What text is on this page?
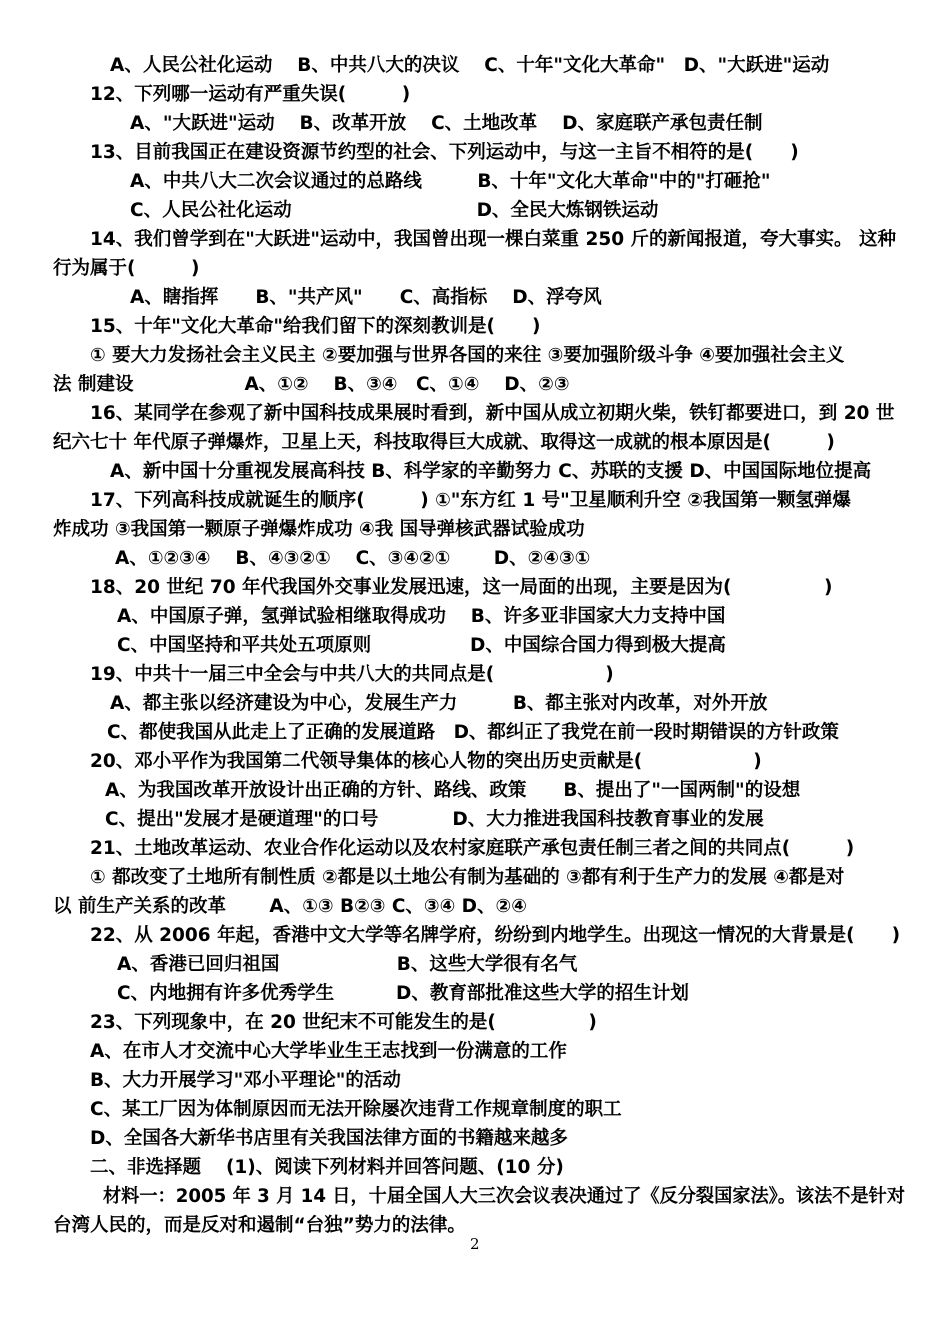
A、人民公社化运动　 B、中共八大的决议　 C、十年"文化大革命"　D、"大跃进"运动
12、下列哪一运动有严重失误(　　　)
A、"大跃进"运动　 B、改革开放　 C、土地改革　 D、家庭联产承包责任制
13、目前我国正在建设资源节约型的社会、下列运动中，与这一主旨不相符的是(　　)
A、中共八大二次会议通过的总路线　　　B、十年"文化大革命"中的"打砸抢"
C、人民公社化运动　　　　　　　　　　D、全民大炼钢铁运动
14、我们曾学到在"大跃进"运动中，我国曾出现一棵白菜重 250 斤的新闻报道，夸大事实。 这种
行为属于(　　　)
A、瞎指挥　　B、"共产风"　　C、高指标　 D、浮夸风
15、十年"文化大革命"给我们留下的深刻教训是(　　)
① 要大力发扬社会主义民主 ②要加强与世界各国的来往 ③要加强阶级斗争 ④要加强社会主义
法 制建设　　　　　　A、①②　 B、③④　C、①④　 D、②③
16、某同学在参观了新中国科技成果展时看到，新中国从成立初期火柴，铁钉都要进口，到 20 世
纪六七十 年代原子弹爆炸，卫星上天，科技取得巨大成就、取得这一成就的根本原因是(　　　)
A、新中国十分重视发展高科技 B、科学家的辛勤努力 C、苏联的支援 D、中国国际地位提高
17、下列高科技成就诞生的顺序(　　　) ①"东方红 1 号"卫星顺利升空 ②我国第一颗氢弹爆
炸成功 ③我国第一颗原子弹爆炸成功 ④我 国导弹核武器试验成功
A、①②③④　 B、④③②①　 C、③④②①　　 D、②④③①
18、20 世纪 70 年代我国外交事业发展迅速，这一局面的出现，主要是因为(　　　　　)
A、中国原子弹，氢弹试验相继取得成功　 B、许多亚非国家大力支持中国
C、中国坚持和平共处五项原则　　　　　 D、中国综合国力得到极大提高
19、中共十一届三中全会与中共八大的共同点是(　　　　　　)
A、都主张以经济建设为中心，发展生产力　　　B、都主张对内改革，对外开放
C、都使我国从此走上了正确的发展道路　D、都纠正了我党在前一段时期错误的方针政策
20、邓小平作为我国第二代领导集体的核心人物的突出历史贡献是(　　　　　　)
A、为我国改革开放设计出正确的方针、路线、政策　　B、提出了"一国两制"的设想
C、提出"发展才是硬道理"的口号　　　　D、大力推进我国科技教育事业的发展
21、土地改革运动、农业合作化运动以及农村家庭联产承包责任制三者之间的共同点(　　　)
① 都改变了土地所有制性质 ②都是以土地公有制为基础的 ③都有利于生产力的发展 ④都是对
以 前生产关系的改革　　 A、①③ B②③ C、③④ D、②④
22、从 2006 年起，香港中文大学等名牌学府，纷纷到内地学生。出现这一情况的大背景是(　　)
A、香港已回归祖国　　　　　　 B、这些大学很有名气
C、内地拥有许多优秀学生　　　 D、教育部批准这些大学的招生计划
23、下列现象中，在 20 世纪末不可能发生的是(　　　　　)
A、在市人才交流中心大学毕业生王志找到一份满意的工作
B、大力开展学习"邓小平理论"的活动
C、某工厂因为体制原因而无法开除屡次违背工作规章制度的职工
D、全国各大新华书店里有关我国法律方面的书籍越来越多
二、非选择题　 (1)、阅读下列材料并回答问题、(10 分)
材料一：2005 年 3 月 14 日，十届全国人大三次会议表决通过了《反分裂国家法》。该法不是针对
台湾人民的，而是反对和遏制“台独”势力的法律。
2
